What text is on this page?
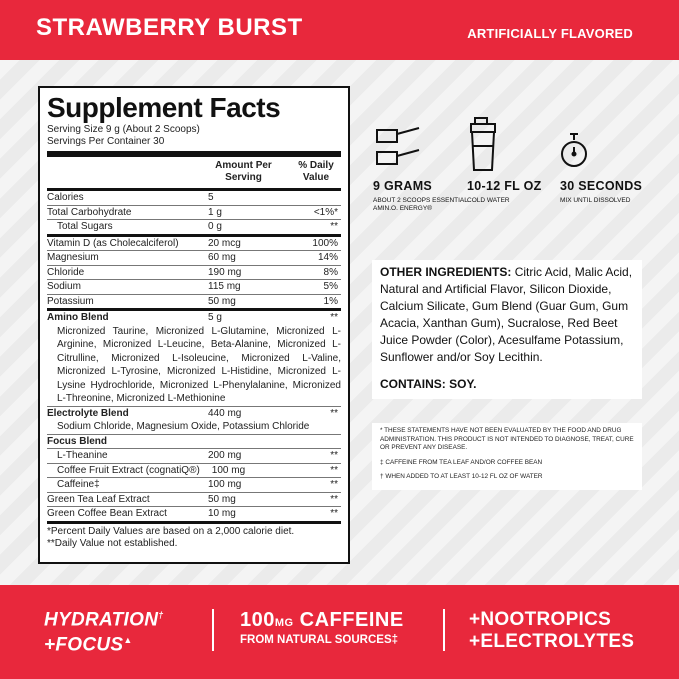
STRAWBERRY BURST	ARTIFICIALLY FLAVORED
Supplement Facts
Serving Size 9 g (About 2 Scoops)
Servings Per Container 30
Amount Per
Serving
% Daily
Value
Calories	5
Total Carbohydrate	1 g	<1%*
Total Sugars	0 g	**
Vitamin D (as Cholecalciferol)	20 mcg	100%
Magnesium	60 mg	14%
Chloride	190 mg	8%
Sodium	115 mg	5%
Potassium	50 mg	1%
Amino Blend	5 g	**
Micronized Taurine, Micronized L-Glutamine, Micronized L-Arginine, Micronized L-Leucine, Beta-Alanine, Micronized L-Citrulline, Micronized L-Isoleucine, Micronized L-Valine, Micronized L-Tyrosine, Micronized L-Histidine, Micronized L-Lysine Hydrochloride, Micronized L-Phenylalanine, Micronized L-Threonine, Micronized L-Methionine
Electrolyte Blend	440 mg	**
Sodium Chloride, Magnesium Oxide, Potassium Chloride
Focus Blend
L-Theanine	200 mg	**
Coffee Fruit Extract (cognatiQ®)	100 mg	**
Caffeine‡	100 mg	**
Green Tea Leaf Extract	50 mg	**
Green Coffee Bean Extract	10 mg	**
*Percent Daily Values are based on a 2,000 calorie diet.
**Daily Value not established.
9 GRAMS
ABOUT 2 SCOOPS ESSENTIAL AMIN.O. ENERGY®
10-12 FL OZ
COLD WATER
30 SECONDS
MIX UNTIL DISSOLVED
OTHER INGREDIENTS: Citric Acid, Malic Acid, Natural and Artificial Flavor, Silicon Dioxide, Calcium Silicate, Gum Blend (Guar Gum, Gum Acacia, Xanthan Gum), Sucralose, Red Beet Juice Powder (Color), Acesulfame Potassium, Sunflower and/or Soy Lecithin.
CONTAINS: SOY.

* THESE STATEMENTS HAVE NOT BEEN EVALUATED BY THE FOOD AND DRUG ADMINISTRATION. THIS PRODUCT IS NOT INTENDED TO DIAGNOSE, TREAT, CURE OR PREVENT ANY DISEASE.

‡ CAFFEINE FROM TEA LEAF AND/OR COFFEE BEAN

† WHEN ADDED TO AT LEAST 10-12 FL OZ OF WATER

HYDRATION†
+FOCUS▲
100MG CAFFEINE
FROM NATURAL SOURCES‡
+NOOTROPICS
+ELECTROLYTES
